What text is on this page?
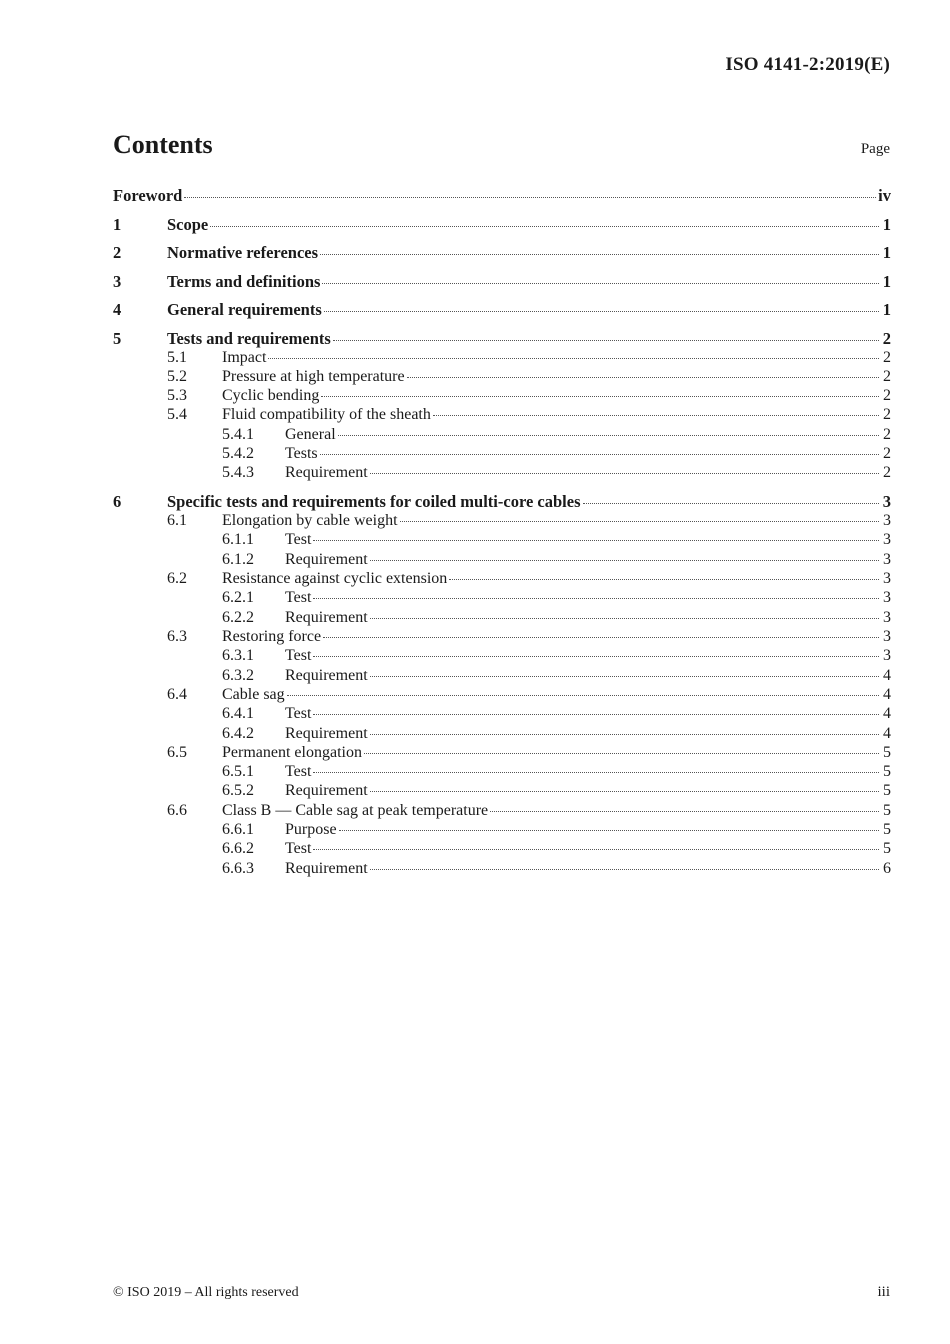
ISO 4141-2:2019(E)
Contents	Page
Foreword	iv
1	Scope	1
2	Normative references	1
3	Terms and definitions	1
4	General requirements	1
5	Tests and requirements	2
5.1	Impact	2
5.2	Pressure at high temperature	2
5.3	Cyclic bending	2
5.4	Fluid compatibility of the sheath	2
5.4.1	General	2
5.4.2	Tests	2
5.4.3	Requirement	2
6	Specific tests and requirements for coiled multi-core cables	3
6.1	Elongation by cable weight	3
6.1.1	Test	3
6.1.2	Requirement	3
6.2	Resistance against cyclic extension	3
6.2.1	Test	3
6.2.2	Requirement	3
6.3	Restoring force	3
6.3.1	Test	3
6.3.2	Requirement	4
6.4	Cable sag	4
6.4.1	Test	4
6.4.2	Requirement	4
6.5	Permanent elongation	5
6.5.1	Test	5
6.5.2	Requirement	5
6.6	Class B — Cable sag at peak temperature	5
6.6.1	Purpose	5
6.6.2	Test	5
6.6.3	Requirement	6
© ISO 2019 – All rights reserved	iii
